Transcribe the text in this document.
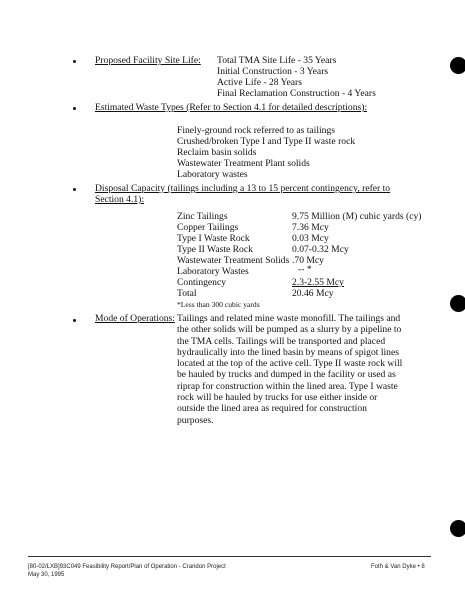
Proposed Facility Site Life: Total TMA Site Life - 35 Years
Initial Construction - 3 Years
Active Life - 28 Years
Final Reclamation Construction - 4 Years
Estimated Waste Types (Refer to Section 4.1 for detailed descriptions):
Finely-ground rock referred to as tailings
Crushed/broken Type I and Type II waste rock
Reclaim basin solids
Wastewater Treatment Plant solids
Laboratory wastes
Disposal Capacity (tailings including a 13 to 15 percent contingency, refer to
Section 4.1):
Zinc Tailings	9.75 Million (M) cubic yards (cy)
Copper Tailings	7.36 Mcy
Type I Waste Rock	0.03 Mcy
Type II Waste Rock	0.07-0.32 Mcy
Wastewater Treatment Solids .70 Mcy
Laboratory Wastes	-- *
Contingency	2.3-2.55 Mcy
Total	20.46 Mcy
*Less than 300 cubic yards
Mode of Operations: Tailings and related mine waste monofill. The tailings and the other solids will be pumped as a slurry by a pipeline to the TMA cells. Tailings will be transported and placed hydraulically into the lined basin by means of spigot lines located at the top of the active cell. Type II waste rock will be hauled by trucks and dumped in the facility or used as riprap for construction within the lined area. Type I waste rock will be hauled by trucks for use either inside or outside the lined area as required for construction purposes.
[80-02/LXB]93C049 Feasibility Report/Plan of Operation - Crandon Project
May 30, 1995
Foth & Van Dyke • 8
